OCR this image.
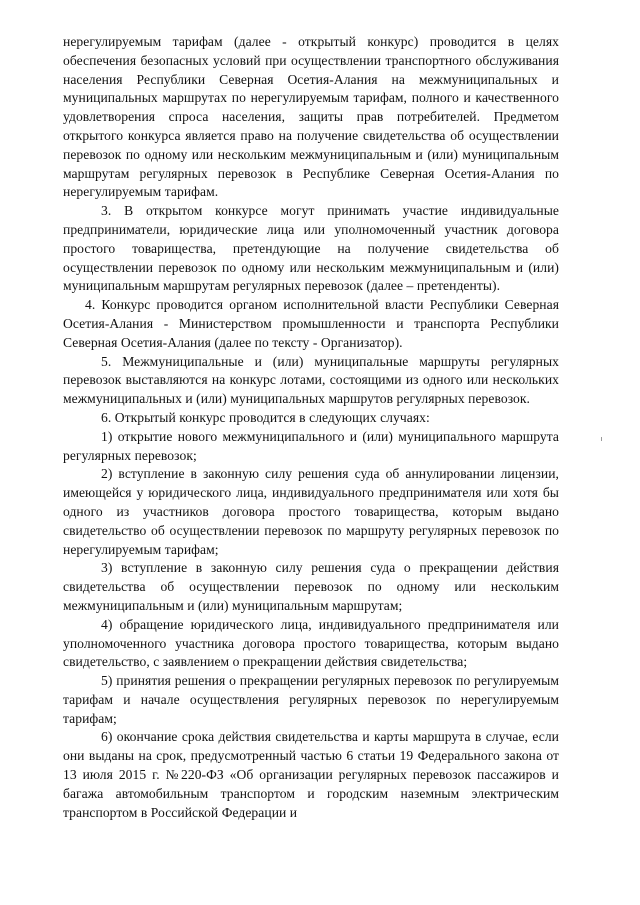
нерегулируемым тарифам (далее - открытый конкурс) проводится в целях обеспечения безопасных условий при осуществлении транспортного обслуживания населения Республики Северная Осетия-Алания на межмуниципальных и муниципальных маршрутах по нерегулируемым тарифам, полного и качественного удовлетворения спроса населения, защиты прав потребителей. Предметом открытого конкурса является право на получение свидетельства об осуществлении перевозок по одному или нескольким межмуниципальным и (или) муниципальным маршрутам регулярных перевозок в Республике Северная Осетия-Алания по нерегулируемым тарифам.

3. В открытом конкурсе могут принимать участие индивидуальные предприниматели, юридические лица или уполномоченный участник договора простого товарищества, претендующие на получение свидетельства об осуществлении перевозок по одному или нескольким межмуниципальным и (или) муниципальным маршрутам регулярных перевозок (далее – претенденты).

4. Конкурс проводится органом исполнительной власти Республики Северная Осетия-Алания - Министерством промышленности и транспорта Республики Северная Осетия-Алания (далее по тексту - Организатор).

5. Межмуниципальные и (или) муниципальные маршруты регулярных перевозок выставляются на конкурс лотами, состоящими из одного или нескольких межмуниципальных и (или) муниципальных маршрутов регулярных перевозок.

6. Открытый конкурс проводится в следующих случаях:

1) открытие нового межмуниципального и (или) муниципального маршрута регулярных перевозок;

2) вступление в законную силу решения суда об аннулировании лицензии, имеющейся у юридического лица, индивидуального предпринимателя или хотя бы одного из участников договора простого товарищества, которым выдано свидетельство об осуществлении перевозок по маршруту регулярных перевозок по нерегулируемым тарифам;

3) вступление в законную силу решения суда о прекращении действия свидетельства об осуществлении перевозок по одному или нескольким межмуниципальным и (или) муниципальным маршрутам;

4) обращение юридического лица, индивидуального предпринимателя или уполномоченного участника договора простого товарищества, которым выдано свидетельство, с заявлением о прекращении действия свидетельства;

5) принятия решения о прекращении регулярных перевозок по регулируемым тарифам и начале осуществления регулярных перевозок по нерегулируемым тарифам;

6) окончание срока действия свидетельства и карты маршрута в случае, если они выданы на срок, предусмотренный частью 6 статьи 19 Федерального закона от 13 июля 2015 г. №220-ФЗ «Об организации регулярных перевозок пассажиров и багажа автомобильным транспортом и городским наземным электрическим транспортом в Российской Федерации и
